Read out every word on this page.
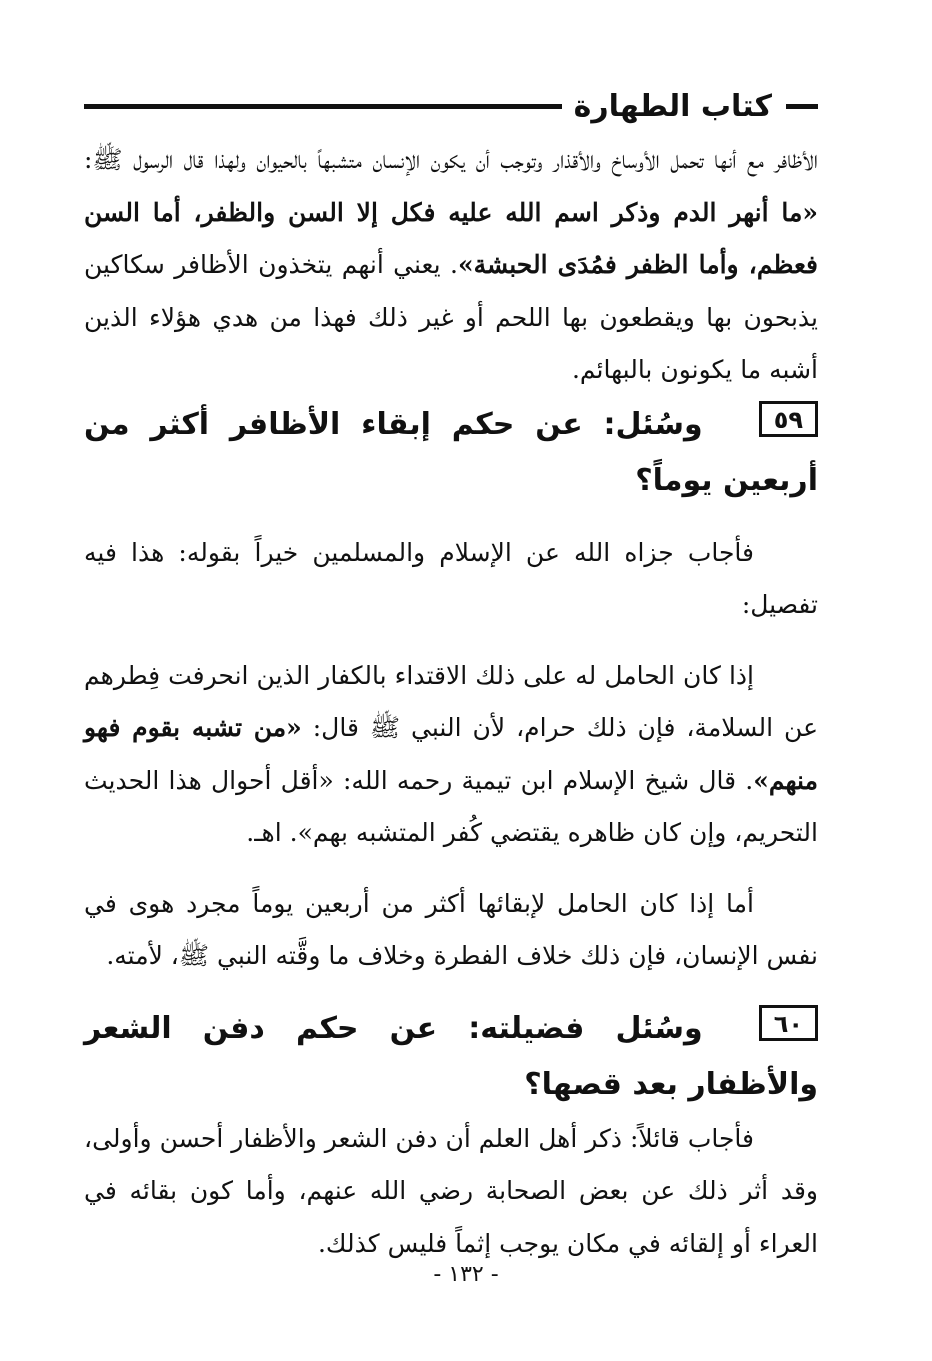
كتاب الطهارة

الأظافر مع أنها تحمل الأوساخ والأقذار وتوجب أن يكون الإنسان متشبهاً بالحيوان ولهذا قال الرسول ﷺ: «ما أنهر الدم وذكر اسم الله عليه فكل إلا السن والظفر، أما السن فعظم، وأما الظفر فمُدَى الحبشة». يعني أنهم يتخذون الأظافر سكاكين يذبحون بها ويقطعون بها اللحم أو غير ذلك فهذا من هدي هؤلاء الذين أشبه ما يكونون بالبهائم.

٥٩وسُئل: عن حكم إبقاء الأظافر أكثر من أربعين يوماً؟

فأجاب جزاه الله عن الإسلام والمسلمين خيراً بقوله: هذا فيه تفصيل:

إذا كان الحامل له على ذلك الاقتداء بالكفار الذين انحرفت فِطرهم عن السلامة، فإن ذلك حرام، لأن النبي ﷺ قال: «من تشبه بقوم فهو منهم». قال شيخ الإسلام ابن تيمية رحمه الله: «أقل أحوال هذا الحديث التحريم، وإن كان ظاهره يقتضي كُفر المتشبه بهم». اهـ.

أما إذا كان الحامل لإبقائها أكثر من أربعين يوماً مجرد هوى في نفس الإنسان، فإن ذلك خلاف الفطرة وخلاف ما وقَّته النبي ﷺ، لأمته.

٦٠وسُئل فضيلته: عن حكم دفن الشعر والأظفار بعد قصها؟

فأجاب قائلاً: ذكر أهل العلم أن دفن الشعر والأظفار أحسن وأولى، وقد أثر ذلك عن بعض الصحابة رضي الله عنهم، وأما كون بقائه في العراء أو إلقائه في مكان يوجب إثماً فليس كذلك.

- ١٣٢ -
